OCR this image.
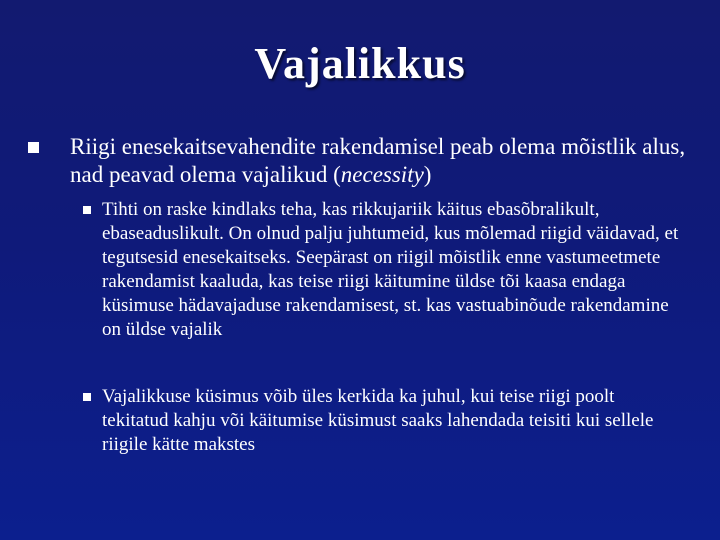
Vajalikkus
Riigi enesekaitsevahendite rakendamisel peab olema mõistlik alus, nad peavad olema vajalikud (necessity)
Tihti on raske kindlaks teha, kas rikkujariik käitus ebasõbralikult, ebaseaduslikult. On olnud palju juhtumeid, kus mõlemad riigid väidavad, et tegutsesid enesekaitseks. Seepärast on riigil mõistlik enne vastumeetmete rakendamist kaaluda, kas teise riigi käitumine üldse tõi kaasa endaga küsimuse hädavajaduse rakendamisest, st. kas vastuabinõude rakendamine on üldse vajalik
Vajalikkuse küsimus võib üles kerkida ka juhul, kui teise riigi poolt tekitatud kahju või käitumise küsimust saaks lahendada teisiti kui sellele riigile kätte makstes
